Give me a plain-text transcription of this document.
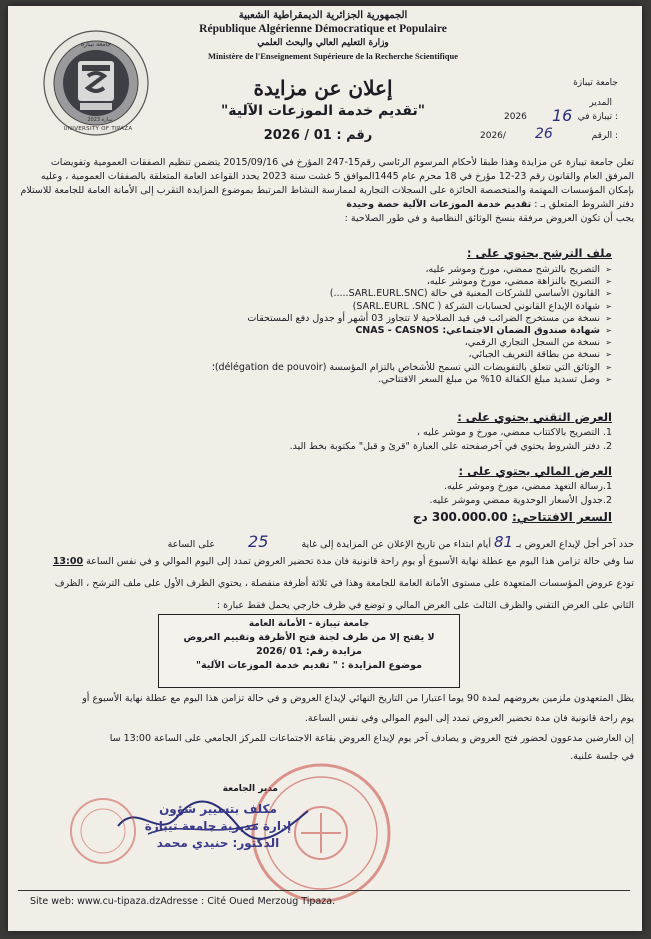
الجمهورية الجزائرية الديمقراطية الشعبية
République Algérienne Démocratique et Populaire
وزارة التعليم العالي والبحث العلمي
Ministère de l'Enseignement Supérieure de la Recherche Scientifique
جامعة تيبازة
2023 تيبازة
UNIVERSITY OF TIPAZA
جامعة تيبازة
المدير
2026 16 تيبازة في :
2026/ 26	الرقم :
إعلان عن مزايدة
"تقديم خدمة الموزعات الآلية"
رقم : 01 / 2026
تعلن جامعة تيبازة عن مزايدة وهذا طبقا لأحكام المرسوم الرئاسي رقم15-247 المؤرخ في 2015/09/16 يتضمن تنظيم الصفقات العمومية وتفويضات
المرفق العام والقانون رقم 23-12 مؤرخ في 18 محرم عام 1445الموافق 5 غشت سنة 2023 يحدد القواعد العامة المتعلقة بالصفقات العمومية ، وعليه
بإمكان المؤسسات المهتمة والمتخصصة الحائزة على السجلات التجارية لممارسة النشاط المرتبط بموضوع المزايدة التقرب إلى الأمانة العامة للجامعة للاستلام
دفتر الشروط المتعلق بـ : تقديم خدمة الموزعات الآلية حصة وحيدة
يجب أن تكون العروض مرفقة بنسخ الوثائق النظامية و في طور الصلاحية :
ملف الترشح يحتوي على :
➢ التصريح بالترشح ممضي، مورخ وموشر عليه،
➢ التصريح بالنزاهة ممضي، مورخ وموشر عليه،
➢ القانون الأساسي للشركات المعنية في حالة (SARL.EURL.SNC.....)
➢ شهادة الإيداع القانوني لحسابات الشركة ( SARL.EURL .SNC)
➢ نسخة من مستخرج الضرائب في قيد الصلاحية لا تتجاوز 03 أشهر أو جدول دفع المستحقات
➢ شهادة صندوق الضمان الاجتماعي: CNAS - CASNOS
➢ نسخة من السجل التجاري الرقمي،
➢ نسخة من بطاقة التعريف الجبائي،
➢ الوثائق التي تتعلق بالتفويضات التي تسمح للأشخاص بالتزام المؤسسة (délégation de pouvoir)؛
➢ وصل تسديد مبلغ الكفالة 10% من مبلغ السعر الافتتاحي.
العرض التقني يحتوي على :
1. التصريح بالاكتتاب ممضي، مورخ و موشر عليه ،
2. دفتر الشروط يحتوي في آخرصفحته على العبارة "قرئ و قبل" مكتوبة بخط اليد.
العرض المالي يحتوي على :
1.رسالة التعهد ممضي، مورخ وموشر عليه.
2.جدول الأسعار الوحدوية ممضي وموشر عليه.
السعر الافتتاحي: 300.000.00 دج
حدد آخر أجل لإيداع العروض بـ 81 أيام ابتداء من تاريخ الإعلان عن المزايدة إلى غاية 25 على الساعة
سا وفي حالة تزامن هذا اليوم مع عطلة نهاية الأسبوع أو يوم راحة قانونية فان مدة تحضير العروض تمدد إلى اليوم الموالي و في نفس الساعة 13:00
تودع عروض المؤسسات المتعهدة على مستوى الأمانة العامة للجامعة وهذا في ثلاثة أظرفة منفصلة ، يحتوي الظرف الأول على ملف الترشح ، الظرف
الثاني على العرض التقني والظرف الثالث على العرض المالي و توضع في ظرف خارجي يحمل فقط عبارة :
جامعة تيبازة - الأمانة العامة
لا يفتح إلا من طرف لجنة فتح الأظرفة وتقييم العروض
مزايدة رقم: 01 /2026
موضوع المزايدة : " تقديم خدمة الموزعات الآلية"
يظل المتعهدون ملزمين بعروضهم لمدة 90 يوما اعتبارا من التاريخ النهائي لإيداع العروض و في حالة تزامن هذا اليوم مع عطلة نهاية الأسبوع أو
يوم راحة قانونية فان مدة تحضير العروض تمدد إلى اليوم الموالي وفي نفس الساعة.
إن العارضين مدعوون لحضور فتح العروض و يصادف آخر يوم لإيداع العروض بقاعة الاجتماعات للمركز الجامعي على الساعة 13:00 سا
في جلسة علنية.
مدير الجامعة
مكلف بتسيير شؤون
إدارة مديرية جامعة تيبازة
الدكتور: حنيدي محمد
Site web: www.cu-tipaza.dzAdresse : Cité Oued Merzoug Tipaza.
